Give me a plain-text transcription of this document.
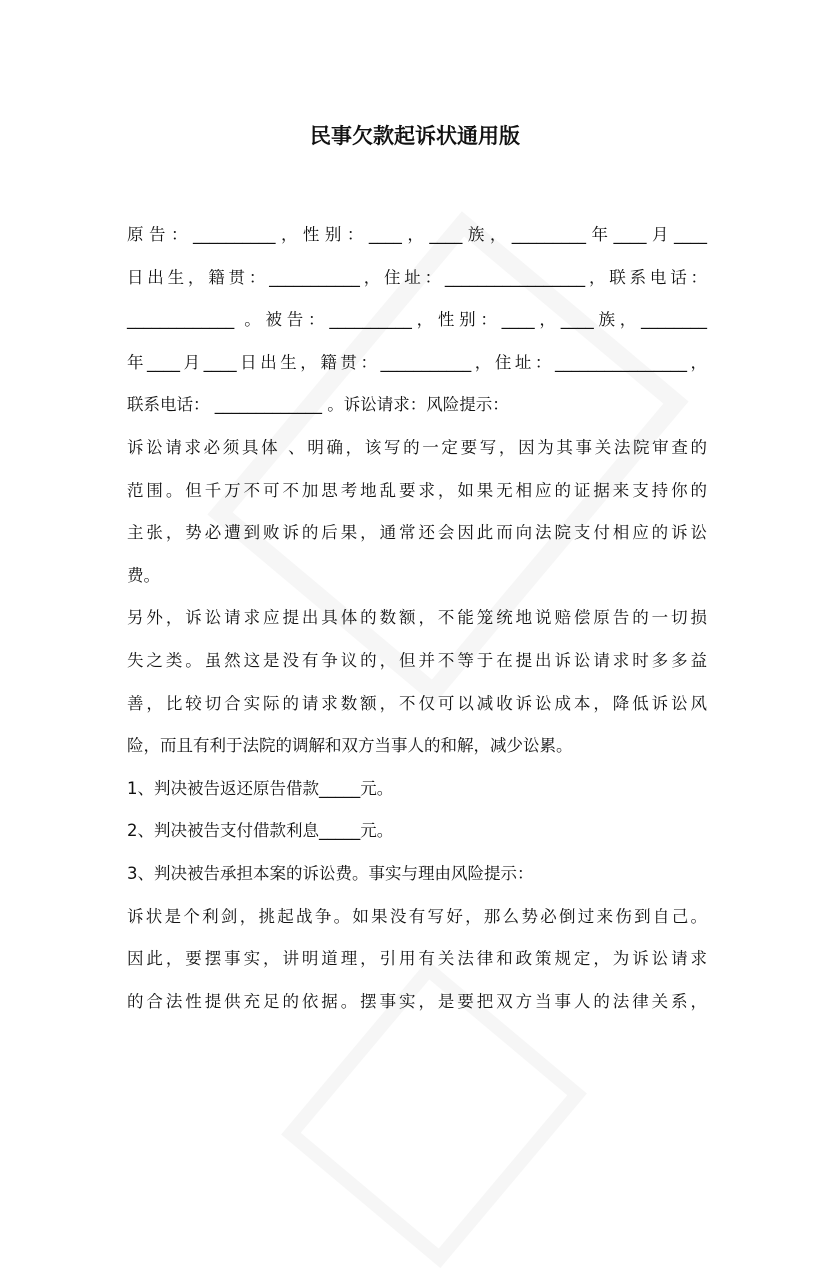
民事欠款起诉状通用版
原告：__________，性别：____，____族，_________年____月____
日出生，籍贯：___________，住址：_________________，联系电话：
_____________ 。被告：__________，性别：____，____族，________
年____月____日出生，籍贯：___________，住址：________________，
联系电话： _____________ 。诉讼请求：风险提示：
诉讼请求必须具体 、明确，该写的一定要写，因为其事关法院审查的
范围。但千万不可不加思考地乱要求，如果无相应的证据来支持你的
主张，势必遭到败诉的后果，通常还会因此而向法院支付相应的诉讼
费。
另外，诉讼请求应提出具体的数额，不能笼统地说赔偿原告的一切损
失之类。虽然这是没有争议的，但并不等于在提出诉讼请求时多多益
善，比较切合实际的请求数额，不仅可以减收诉讼成本，降低诉讼风
险，而且有利于法院的调解和双方当事人的和解，减少讼累。
1、判决被告返还原告借款_____元。
2、判决被告支付借款利息_____元。
3、判决被告承担本案的诉讼费。事实与理由风险提示：
诉状是个利剑，挑起战争。如果没有写好，那么势必倒过来伤到自己。
因此，要摆事实，讲明道理，引用有关法律和政策规定，为诉讼请求
的合法性提供充足的依据。摆事实，是要把双方当事人的法律关系，
